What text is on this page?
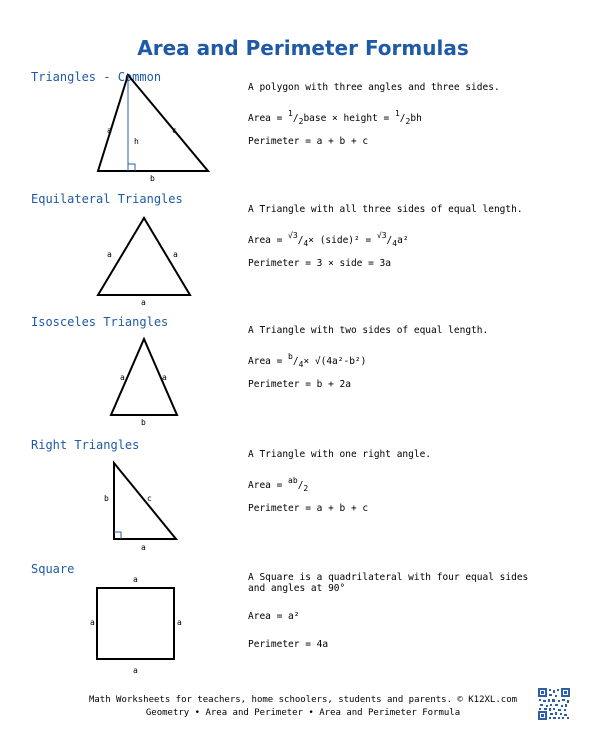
Area and Perimeter Formulas
Triangles - Common
A polygon with three angles and three sides.
Area = $^1/_2base$ × height = $^1/_2bh$
Perimeter = a + b + c
a	c
h
b
Equilateral Triangles
A Triangle with all three sides of equal length.
Area = $^{√3}/_4\times$ (side)² = $^{√3}/_4a^2$
Perimeter = 3 × side = 3a
a	a
a
Isosceles Triangles
A Triangle with two sides of equal length.
Area = $^b/_4\times √(4a^2-b^2)$
Perimeter = b + 2a
a	a
b
Right Triangles
A Triangle with one right angle.
Area = $^{ab}/_2$
Perimeter = a + b + c
b	c
a
Square
A Square is a quadrilateral with four equal sides and angles at 90°
Area = a²
Perimeter = 4a
a
a	a
a
Math Worksheets for teachers, home schoolers, students and parents. © K12XL.com
Geometry • Area and Perimeter • Area and Perimeter Formula
